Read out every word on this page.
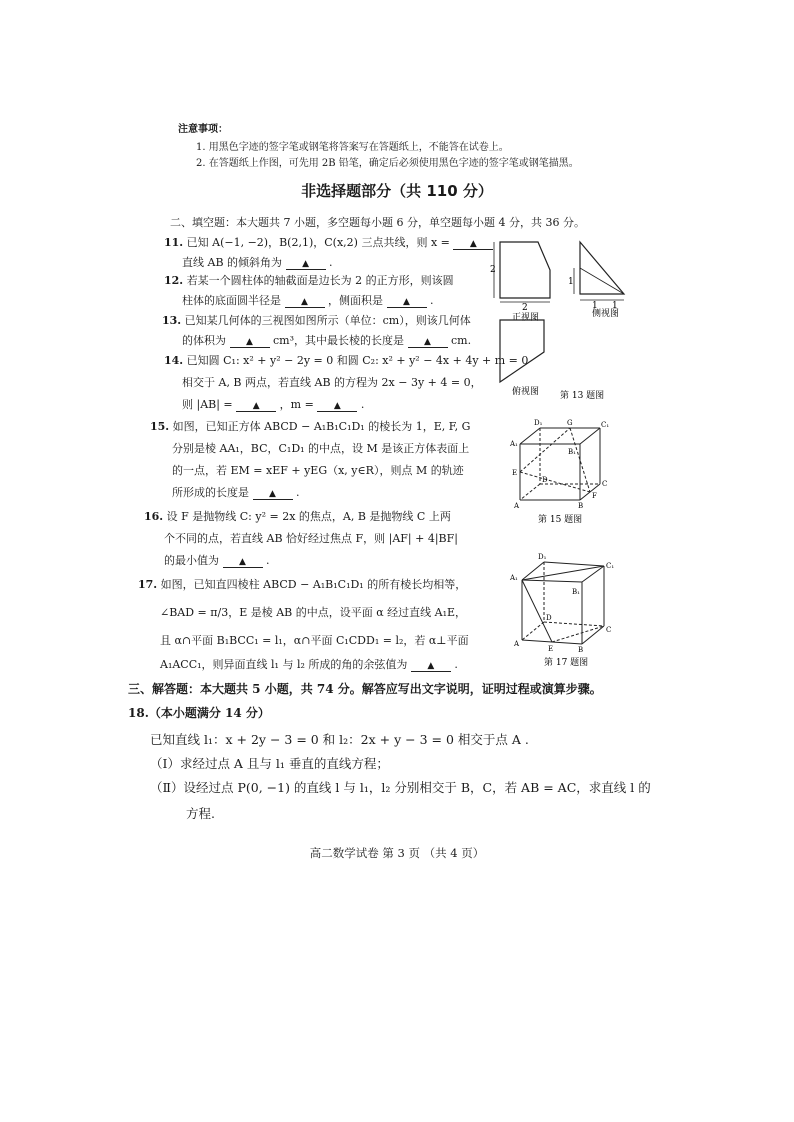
注意事项：
1. 用黑色字迹的签字笔或钢笔将答案写在答题纸上，不能答在试卷上。
2. 在答题纸上作图，可先用 2B 铅笔，确定后必须使用黑色字迹的签字笔或钢笔描黑。
非选择题部分（共 110 分）
二、填空题：本大题共 7 小题，多空题每小题 6 分，单空题每小题 4 分，共 36 分。
11. 已知 A(−1, −2)，B(2,1)，C(x,2) 三点共线，则 x = ▲
直线 AB 的倾斜角为 ▲ .
12. 若某一个圆柱体的轴截面是边长为 2 的正方形，则该圆
柱体的底面圆半径是 ▲ ，侧面积是 ▲ .
13. 已知某几何体的三视图如图所示（单位：cm），则该几何体
的体积为 ▲ cm³，其中最长棱的长度是 ▲ cm.
14. 已知圆 C₁: x² + y² − 2y = 0 和圆 C₂: x² + y² − 4x + 4y + m = 0
相交于 A, B 两点，若直线 AB 的方程为 2x − 3y + 4 = 0，
则 |AB| = ▲ ，m = ▲ .
15. 如图，已知正方体 ABCD − A₁B₁C₁D₁ 的棱长为 1，E, F, G
分别是棱 AA₁，BC，C₁D₁ 的中点，设 M 是该正方体表面上
的一点，若 EM = xEF + yEG（x, y∈R），则点 M 的轨迹
所形成的长度是 ▲ .
16. 设 F 是抛物线 C: y² = 2x 的焦点，A, B 是抛物线 C 上两
个不同的点，若直线 AB 恰好经过焦点 F，则 |AF| + 4|BF|
的最小值为 ▲ .
17. 如图，已知直四棱柱 ABCD − A₁B₁C₁D₁ 的所有棱长均相等，
∠BAD = π/3，E 是棱 AB 的中点，设平面 α 经过直线 A₁E，
且 α∩平面 B₁BCC₁ = l₁，α∩平面 C₁CDD₁ = l₂，若 α⊥平面
A₁ACC₁，则异面直线 l₁ 与 l₂ 所成的角的余弦值为 ▲ .
2
2
正视图
1
1 1
侧视图
俯视图 第 13 题图
D₁	G	C₁
A₁
B₁
E
D	C
A	B
F
第 15 题图
D₁
C₁
A₁
B₁
D
C
A
E	B
第 17 题图
三、解答题：本大题共 5 小题，共 74 分。解答应写出文字说明，证明过程或演算步骤。
18.（本小题满分 14 分）
已知直线 l₁：x + 2y − 3 = 0 和 l₂：2x + y − 3 = 0 相交于点 A .
（Ⅰ）求经过点 A 且与 l₁ 垂直的直线方程；
（Ⅱ）设经过点 P(0, −1) 的直线 l 与 l₁，l₂ 分别相交于 B，C，若 AB = AC，求直线 l 的
方程.
高二数学试卷 第 3 页 （共 4 页）
